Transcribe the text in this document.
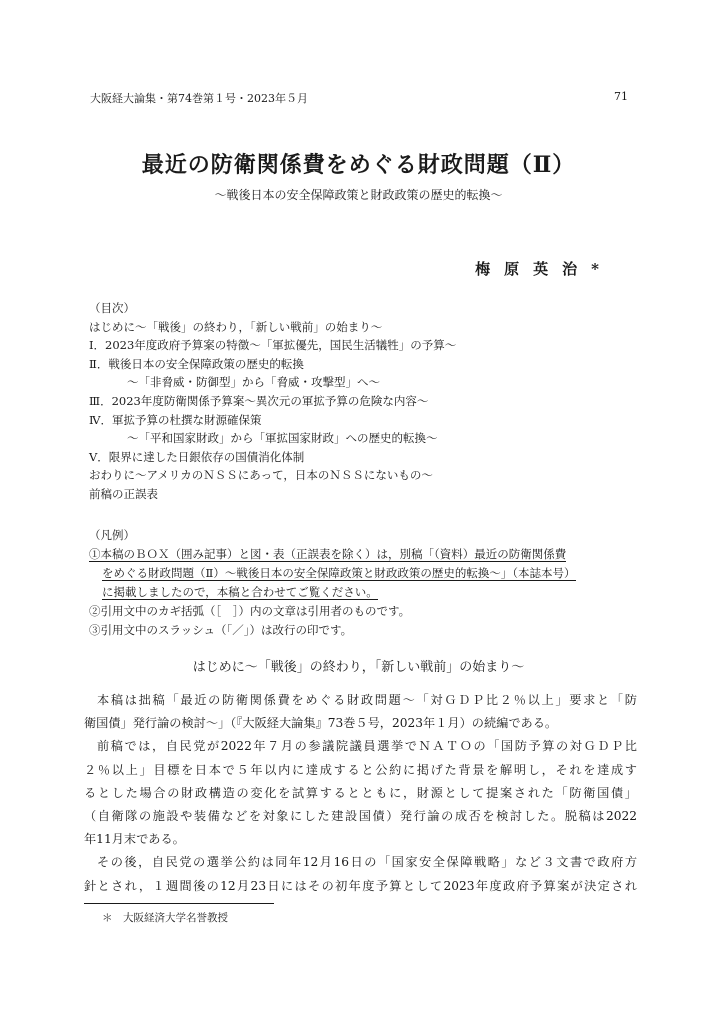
大阪経大論集・第74巻第１号・2023年５月	71
最近の防衛関係費をめぐる財政問題（Ⅱ）
〜戦後日本の安全保障政策と財政政策の歴史的転換〜
梅原英治*
（目次）
はじめに〜「戦後」の終わり，「新しい戦前」の始まり〜
Ⅰ．2023年度政府予算案の特徴〜「軍拡優先，国民生活犠牲」の予算〜
Ⅱ．戦後日本の安全保障政策の歴史的転換
〜「非脅威・防御型」から「脅威・攻撃型」へ〜
Ⅲ．2023年度防衛関係予算案〜異次元の軍拡予算の危険な内容〜
Ⅳ．軍拡予算の杜撰な財源確保策
〜「平和国家財政」から「軍拡国家財政」への歴史的転換〜
Ⅴ．限界に達した日銀依存の国債消化体制
おわりに〜アメリカのＮＳＳにあって，日本のＮＳＳにないもの〜
前稿の正誤表
（凡例）
①本稿のＢＯＸ（囲み記事）と図・表（正誤表を除く）は，別稿「（資料）最近の防衛関係費
をめぐる財政問題（Ⅱ）〜戦後日本の安全保障政策と財政政策の歴史的転換〜」（本誌本号）
に掲載しましたので，本稿と合わせてご覧ください。
②引用文中のカギ括弧（［　］）内の文章は引用者のものです。
③引用文中のスラッシュ（「／」）は改行の印です。
はじめに〜「戦後」の終わり，「新しい戦前」の始まり〜
本稿は拙稿「最近の防衛関係費をめぐる財政問題〜「対ＧＤＰ比２％以上」要求と「防
衛国債」発行論の検討〜」（『大阪経大論集』73巻５号，2023年１月）の続編である。
前稿では，自民党が2022年７月の参議院議員選挙でＮＡＴＯの「国防予算の対ＧＤＰ比
２％以上」目標を日本で５年以内に達成すると公約に掲げた背景を解明し，それを達成す
るとした場合の財政構造の変化を試算するとともに，財源として提案された「防衛国債」
（自衛隊の施設や装備などを対象にした建設国債）発行論の成否を検討した。脱稿は2022
年11月末である。
その後，自民党の選挙公約は同年12月16日の「国家安全保障戦略」など３文書で政府方
針とされ，１週間後の12月23日にはその初年度予算として2023年度政府予算案が決定され
＊　大阪経済大学名誉教授
